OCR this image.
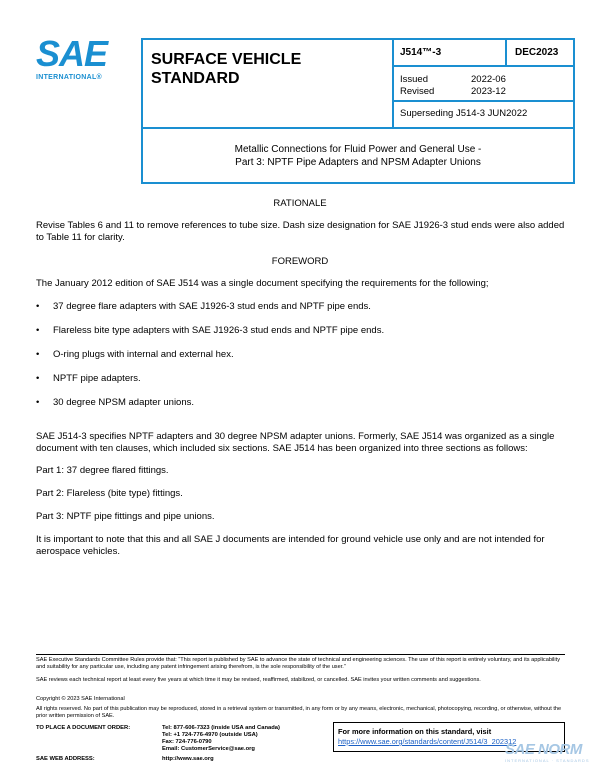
SAE
INTERNATIONAL®
SURFACE VEHICLE
STANDARD
J514™-3	DEC2023
Issued	2022-06
Revised	2023-12
Superseding J514-3 JUN2022
Metallic Connections for Fluid Power and General Use -
Part 3: NPTF Pipe Adapters and NPSM Adapter Unions
RATIONALE
Revise Tables 6 and 11 to remove references to tube size. Dash size designation for SAE J1926-3 stud ends were also added to Table 11 for clarity.
FOREWORD
The January 2012 edition of SAE J514 was a single document specifying the requirements for the following;
•	37 degree flare adapters with SAE J1926-3 stud ends and NPTF pipe ends.
•	Flareless bite type adapters with SAE J1926-3 stud ends and NPTF pipe ends.
•	O-ring plugs with internal and external hex.
•	NPTF pipe adapters.
•	30 degree NPSM adapter unions.
SAE J514-3 specifies NPTF adapters and 30 degree NPSM adapter unions. Formerly, SAE J514 was organized as a single document with ten clauses, which included six sections. SAE J514 has been organized into three sections as follows:
Part 1: 37 degree flared fittings.
Part 2: Flareless (bite type) fittings.
Part 3: NPTF pipe fittings and pipe unions.
It is important to note that this and all SAE J documents are intended for ground vehicle use only and are not intended for aerospace vehicles.
SAE Executive Standards Committee Rules provide that: “This report is published by SAE to advance the state of technical and engineering sciences. The use of this report is entirely voluntary, and its applicability and suitability for any particular use, including any patent infringement arising therefrom, is the sole responsibility of the user.”
SAE reviews each technical report at least every five years at which time it may be revised, reaffirmed, stabilized, or cancelled. SAE invites your written comments and suggestions.
Copyright © 2023 SAE International
All rights reserved. No part of this publication may be reproduced, stored in a retrieval system or transmitted, in any form or by any means, electronic, mechanical, photocopying, recording, or otherwise, without the prior written permission of SAE.
TO PLACE A DOCUMENT ORDER:	Tel: 877-606-7323 (inside USA and Canada)
Tel: +1 724-776-4970 (outside USA)
Fax: 724-776-0790
Email: CustomerService@sae.org
SAE WEB ADDRESS:	http://www.sae.org
For more information on this standard, visit
https://www.sae.org/standards/content/J514/3_202312
SAE NORM
INTERNATIONAL · STANDARDS
